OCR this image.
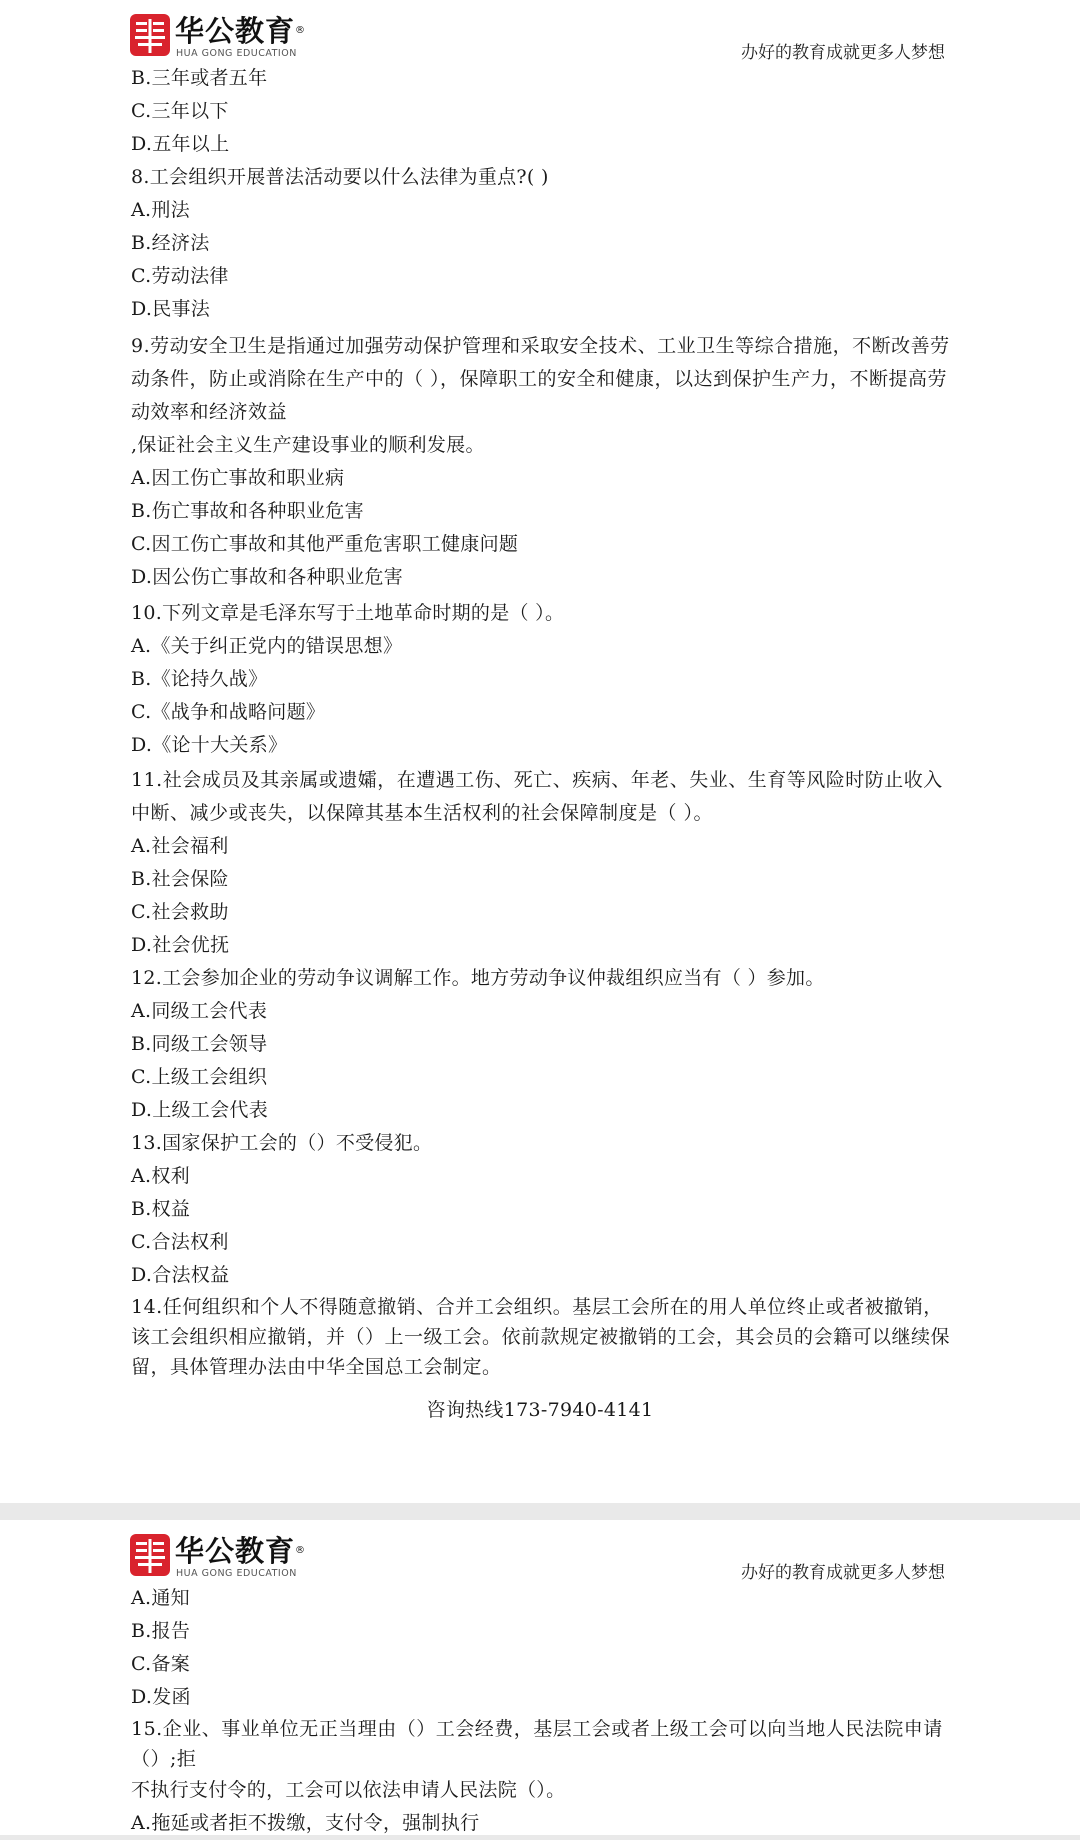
华公教育®
HUA GONG EDUCATION	办好的教育成就更多人梦想
B.三年或者五年
C.三年以下
D.五年以上
8.工会组织开展普法活动要以什么法律为重点?( )
A.刑法
B.经济法
C.劳动法律
D.民事法
9.劳动安全卫生是指通过加强劳动保护管理和采取安全技术、工业卫生等综合措施，不断改善劳动条件，防止或消除在生产中的（ ），保障职工的安全和健康，以达到保护生产力，不断提高劳动效率和经济效益
,保证社会主义生产建设事业的顺利发展。
A.因工伤亡事故和职业病
B.伤亡事故和各种职业危害
C.因工伤亡事故和其他严重危害职工健康问题
D.因公伤亡事故和各种职业危害
10.下列文章是毛泽东写于土地革命时期的是（ ）。
A.《关于纠正党内的错误思想》
B.《论持久战》
C.《战争和战略问题》
D.《论十大关系》
11.社会成员及其亲属或遗孀，在遭遇工伤、死亡、疾病、年老、失业、生育等风险时防止收入中断、减少或丧失，以保障其基本生活权利的社会保障制度是（ ）。
A.社会福利
B.社会保险
C.社会救助
D.社会优抚
12.工会参加企业的劳动争议调解工作。地方劳动争议仲裁组织应当有（ ）参加。
A.同级工会代表
B.同级工会领导
C.上级工会组织
D.上级工会代表
13.国家保护工会的（）不受侵犯。
A.权利
B.权益
C.合法权利
D.合法权益
14.任何组织和个人不得随意撤销、合并工会组织。基层工会所在的用人单位终止或者被撤销，该工会组织相应撤销，并（）上一级工会。依前款规定被撤销的工会，其会员的会籍可以继续保留，具体管理办法由中华全国总工会制定。
咨询热线173-7940-4141
华公教育®
HUA GONG EDUCATION	办好的教育成就更多人梦想
A.通知
B.报告
C.备案
D.发函
15.企业、事业单位无正当理由（）工会经费，基层工会或者上级工会可以向当地人民法院申请（）;拒
不执行支付令的，工会可以依法申请人民法院（）。
A.拖延或者拒不拨缴，支付令，强制执行
